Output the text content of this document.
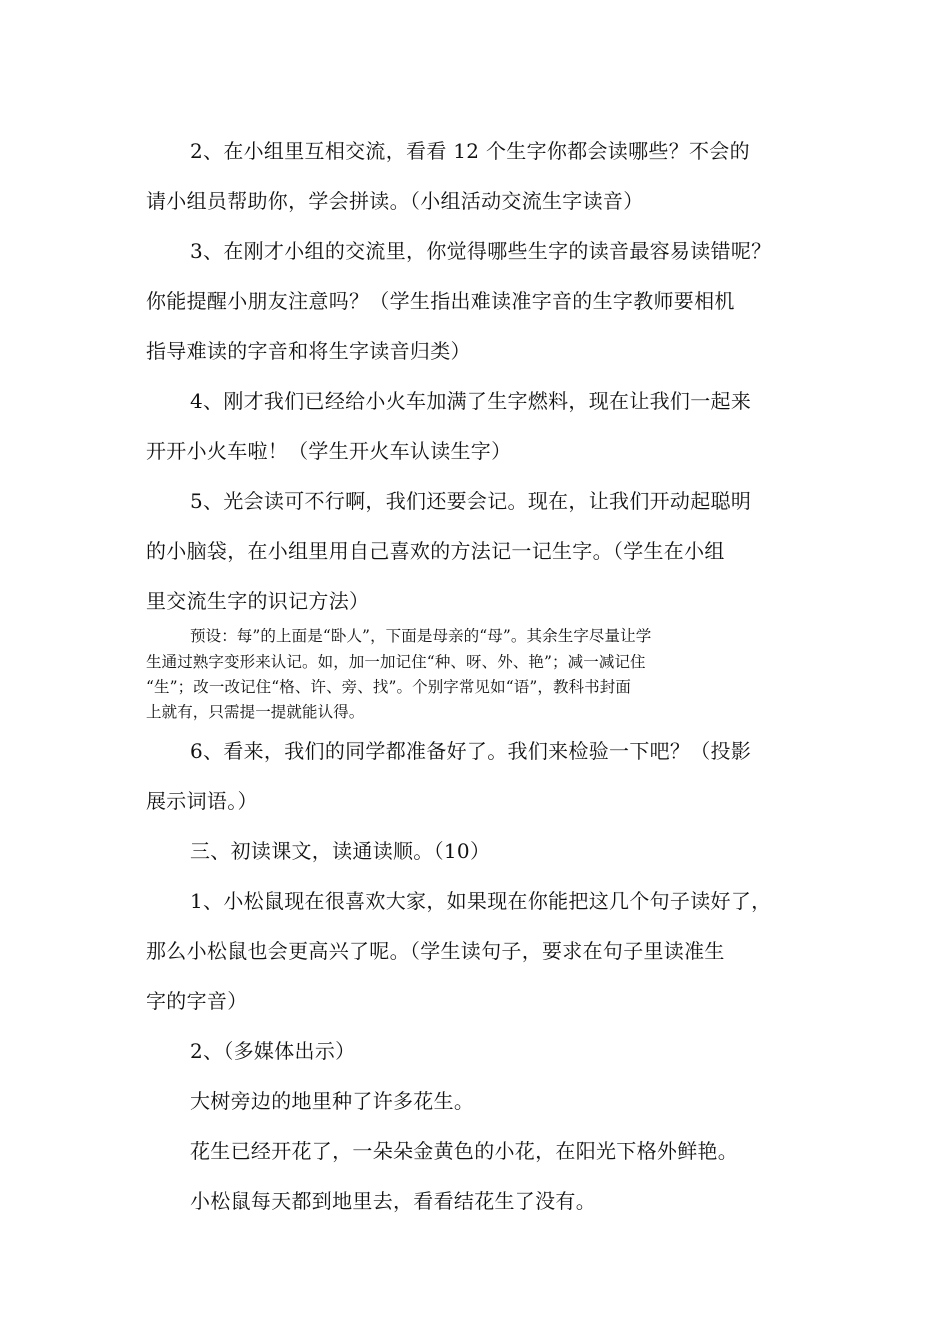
2、在小组里互相交流，看看 12 个生字你都会读哪些？不会的
请小组员帮助你，学会拼读。（小组活动交流生字读音）
3、在刚才小组的交流里，你觉得哪些生字的读音最容易读错呢？
你能提醒小朋友注意吗？（学生指出难读准字音的生字教师要相机
指导难读的字音和将生字读音归类）
4、刚才我们已经给小火车加满了生字燃料，现在让我们一起来
开开小火车啦！（学生开火车认读生字）
5、光会读可不行啊，我们还要会记。现在，让我们开动起聪明
的小脑袋，在小组里用自己喜欢的方法记一记生字。（学生在小组
里交流生字的识记方法）
预设：每”的上面是“卧人”，下面是母亲的“母”。其余生字尽量让学
生通过熟字变形来认记。如，加一加记住“种、呀、外、艳”；减一减记住
“生”；改一改记住“格、许、旁、找”。个别字常见如“语”，教科书封面
上就有，只需提一提就能认得。
6、看来，我们的同学都准备好了。我们来检验一下吧？（投影
展示词语。）
三、初读课文，读通读顺。（10）
1、小松鼠现在很喜欢大家，如果现在你能把这几个句子读好了，
那么小松鼠也会更高兴了呢。（学生读句子，要求在句子里读准生
字的字音）
2、（多媒体出示）
大树旁边的地里种了许多花生。
花生已经开花了，一朵朵金黄色的小花，在阳光下格外鲜艳。
小松鼠每天都到地里去，看看结花生了没有。
